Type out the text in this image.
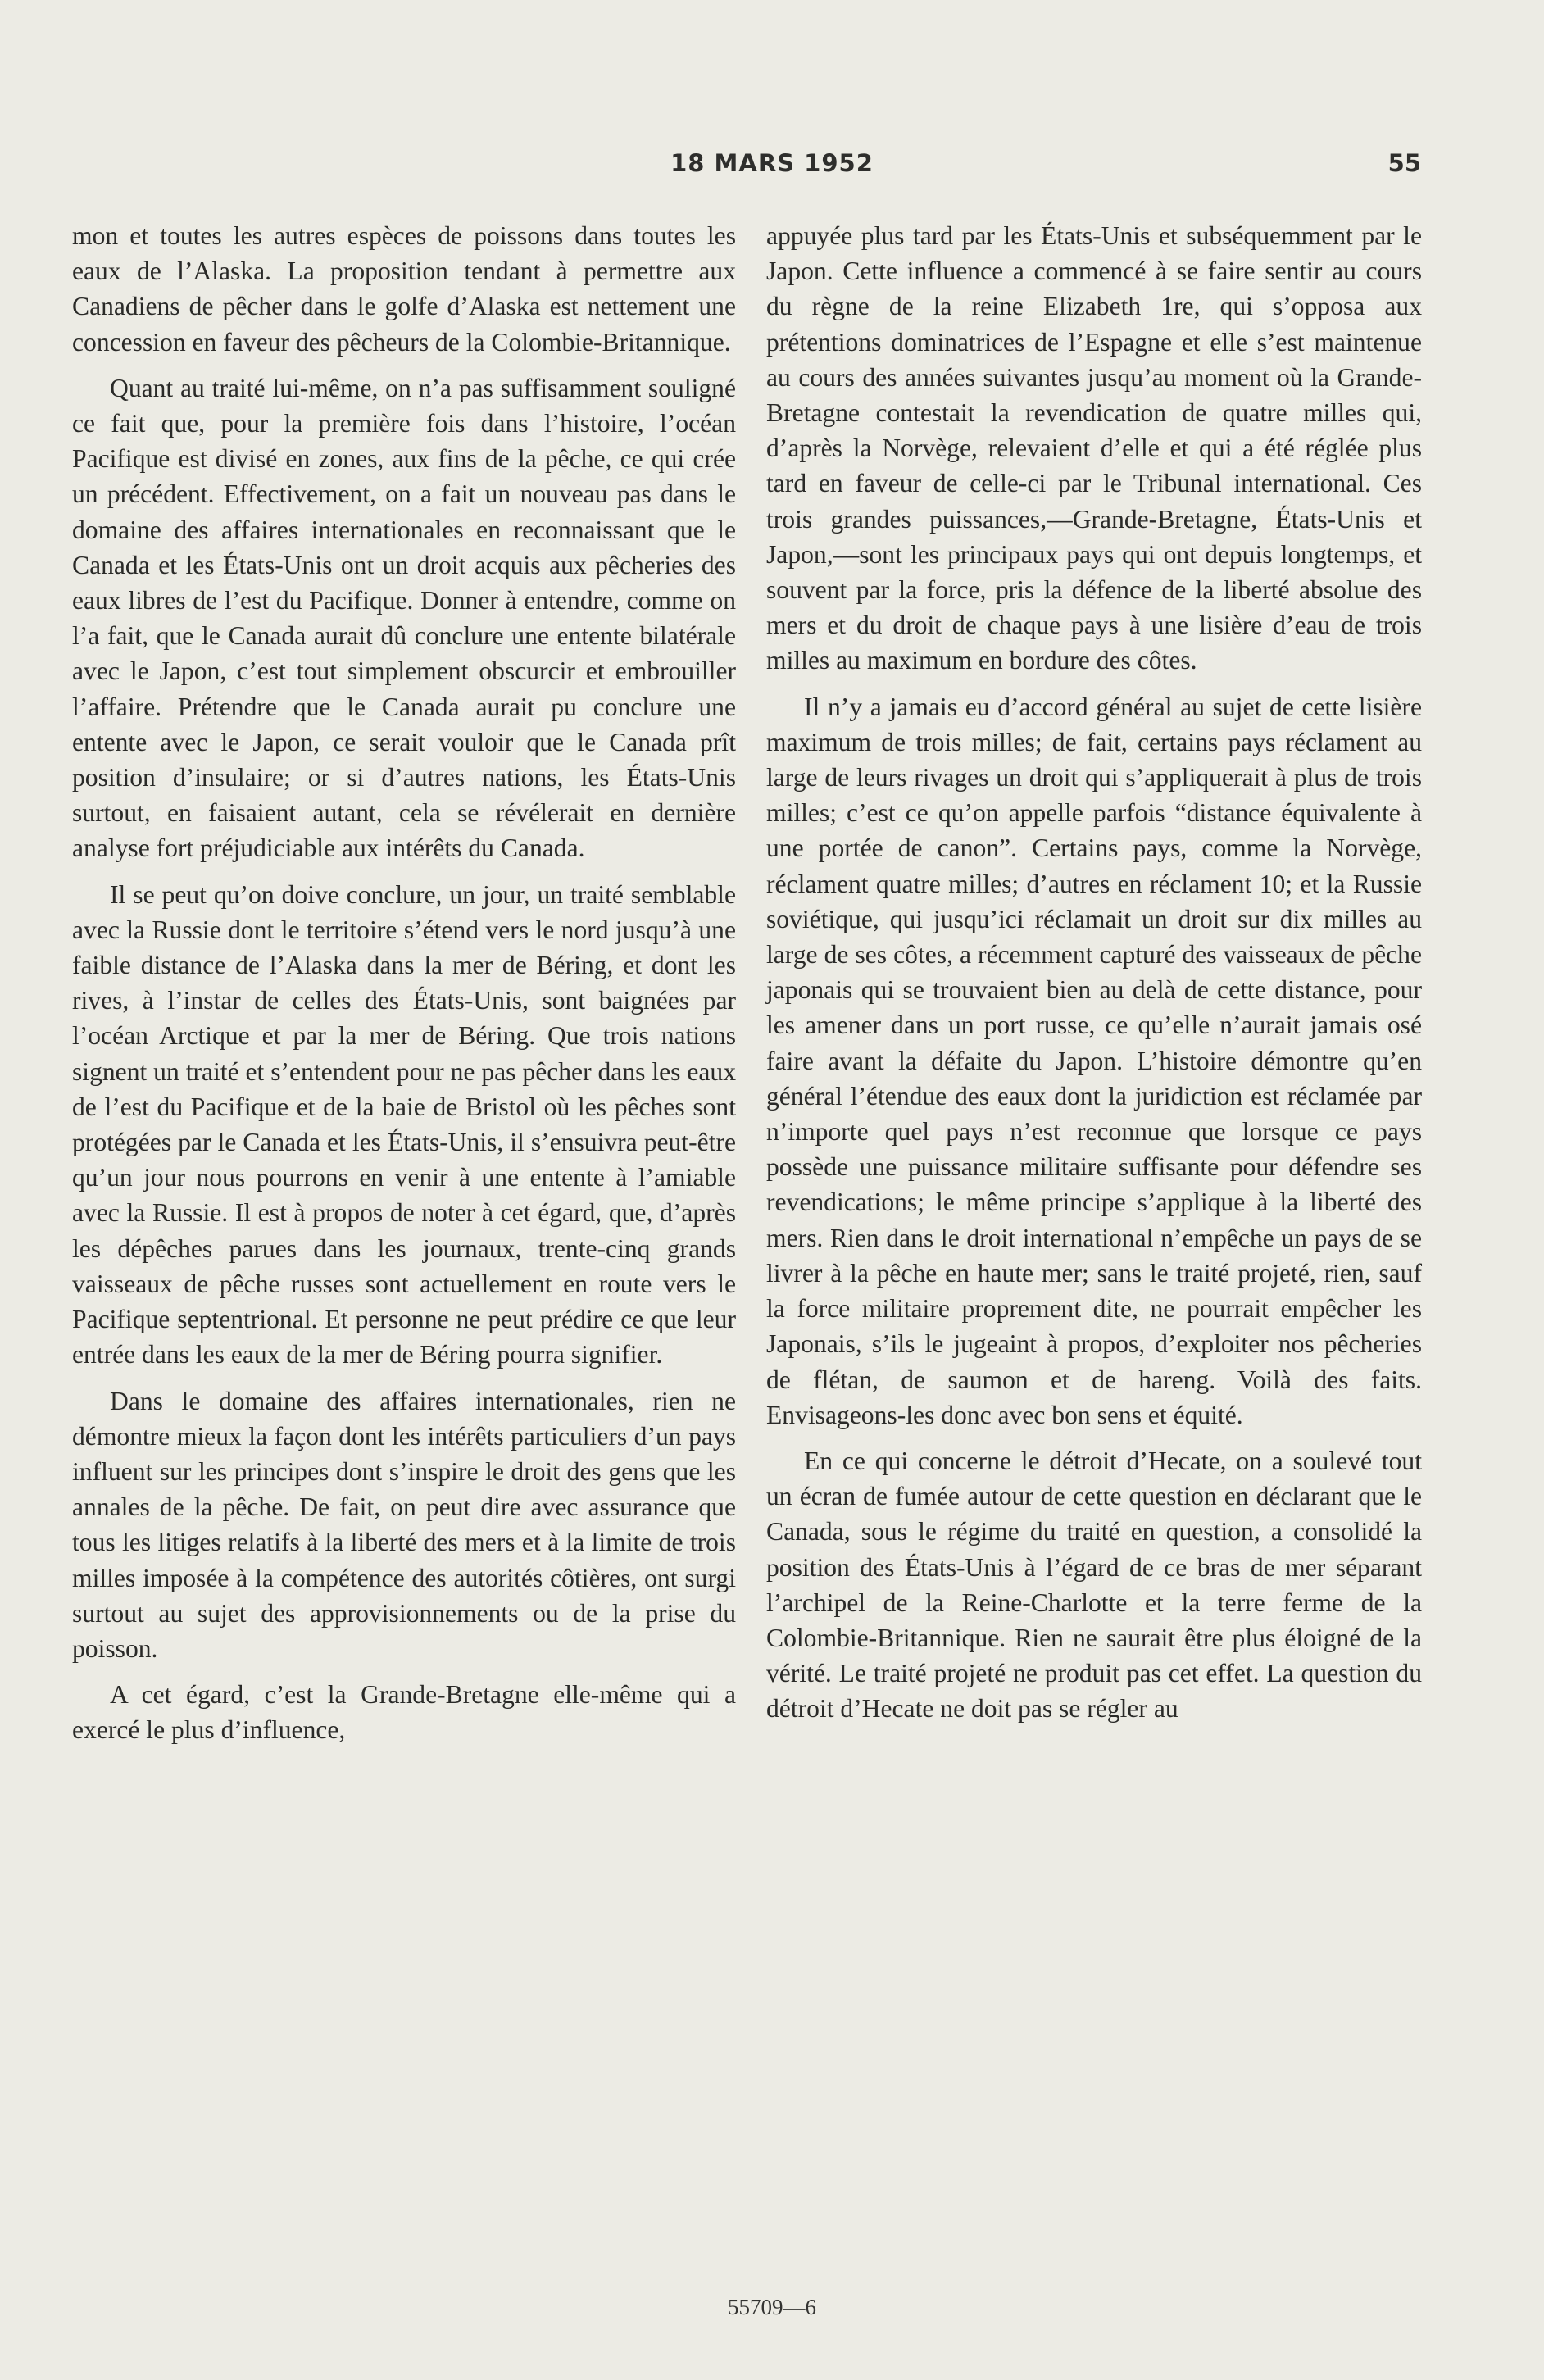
18 MARS 1952	55

mon et toutes les autres espèces de poissons dans toutes les eaux de l’Alaska. La proposition tendant à permettre aux Canadiens de pêcher dans le golfe d’Alaska est nettement une concession en faveur des pêcheurs de la Colombie-Britannique.

Quant au traité lui-même, on n’a pas suffisamment souligné ce fait que, pour la première fois dans l’histoire, l’océan Pacifique est divisé en zones, aux fins de la pêche, ce qui crée un précédent. Effectivement, on a fait un nouveau pas dans le domaine des affaires internationales en reconnaissant que le Canada et les États-Unis ont un droit acquis aux pêcheries des eaux libres de l’est du Pacifique. Donner à entendre, comme on l’a fait, que le Canada aurait dû conclure une entente bilatérale avec le Japon, c’est tout simplement obscurcir et embrouiller l’affaire. Prétendre que le Canada aurait pu conclure une entente avec le Japon, ce serait vouloir que le Canada prît position d’insulaire; or si d’autres nations, les États-Unis surtout, en faisaient autant, cela se révélerait en dernière analyse fort préjudiciable aux intérêts du Canada.

Il se peut qu’on doive conclure, un jour, un traité semblable avec la Russie dont le territoire s’étend vers le nord jusqu’à une faible distance de l’Alaska dans la mer de Béring, et dont les rives, à l’instar de celles des États-Unis, sont baignées par l’océan Arctique et par la mer de Béring. Que trois nations signent un traité et s’entendent pour ne pas pêcher dans les eaux de l’est du Pacifique et de la baie de Bristol où les pêches sont protégées par le Canada et les États-Unis, il s’ensuivra peut-être qu’un jour nous pourrons en venir à une entente à l’amiable avec la Russie. Il est à propos de noter à cet égard, que, d’après les dépêches parues dans les journaux, trente-cinq grands vaisseaux de pêche russes sont actuellement en route vers le Pacifique septentrional. Et personne ne peut prédire ce que leur entrée dans les eaux de la mer de Béring pourra signifier.

Dans le domaine des affaires internationales, rien ne démontre mieux la façon dont les intérêts particuliers d’un pays influent sur les principes dont s’inspire le droit des gens que les annales de la pêche. De fait, on peut dire avec assurance que tous les litiges relatifs à la liberté des mers et à la limite de trois milles imposée à la compétence des autorités côtières, ont surgi surtout au sujet des approvisionnements ou de la prise du poisson.

A cet égard, c’est la Grande-Bretagne elle-même qui a exercé le plus d’influence,

appuyée plus tard par les États-Unis et subséquemment par le Japon. Cette influence a commencé à se faire sentir au cours du règne de la reine Elizabeth 1re, qui s’opposa aux prétentions dominatrices de l’Espagne et elle s’est maintenue au cours des années suivantes jusqu’au moment où la Grande-Bretagne contestait la revendication de quatre milles qui, d’après la Norvège, relevaient d’elle et qui a été réglée plus tard en faveur de celle-ci par le Tribunal international. Ces trois grandes puissances,—Grande-Bretagne, États-Unis et Japon,—sont les principaux pays qui ont depuis longtemps, et souvent par la force, pris la défence de la liberté absolue des mers et du droit de chaque pays à une lisière d’eau de trois milles au maximum en bordure des côtes.

Il n’y a jamais eu d’accord général au sujet de cette lisière maximum de trois milles; de fait, certains pays réclament au large de leurs rivages un droit qui s’appliquerait à plus de trois milles; c’est ce qu’on appelle parfois “distance équivalente à une portée de canon”. Certains pays, comme la Norvège, réclament quatre milles; d’autres en réclament 10; et la Russie soviétique, qui jusqu’ici réclamait un droit sur dix milles au large de ses côtes, a récemment capturé des vaisseaux de pêche japonais qui se trouvaient bien au delà de cette distance, pour les amener dans un port russe, ce qu’elle n’aurait jamais osé faire avant la défaite du Japon. L’histoire démontre qu’en général l’étendue des eaux dont la juridiction est réclamée par n’importe quel pays n’est reconnue que lorsque ce pays possède une puissance militaire suffisante pour défendre ses revendications; le même principe s’applique à la liberté des mers. Rien dans le droit international n’empêche un pays de se livrer à la pêche en haute mer; sans le traité projeté, rien, sauf la force militaire proprement dite, ne pourrait empêcher les Japonais, s’ils le jugeaint à propos, d’exploiter nos pêcheries de flétan, de saumon et de hareng. Voilà des faits. Envisageons-les donc avec bon sens et équité.

En ce qui concerne le détroit d’Hecate, on a soulevé tout un écran de fumée autour de cette question en déclarant que le Canada, sous le régime du traité en question, a consolidé la position des États-Unis à l’égard de ce bras de mer séparant l’archipel de la Reine-Charlotte et la terre ferme de la Colombie-Britannique. Rien ne saurait être plus éloigné de la vérité. Le traité projeté ne produit pas cet effet. La question du détroit d’Hecate ne doit pas se régler au

55709—6
